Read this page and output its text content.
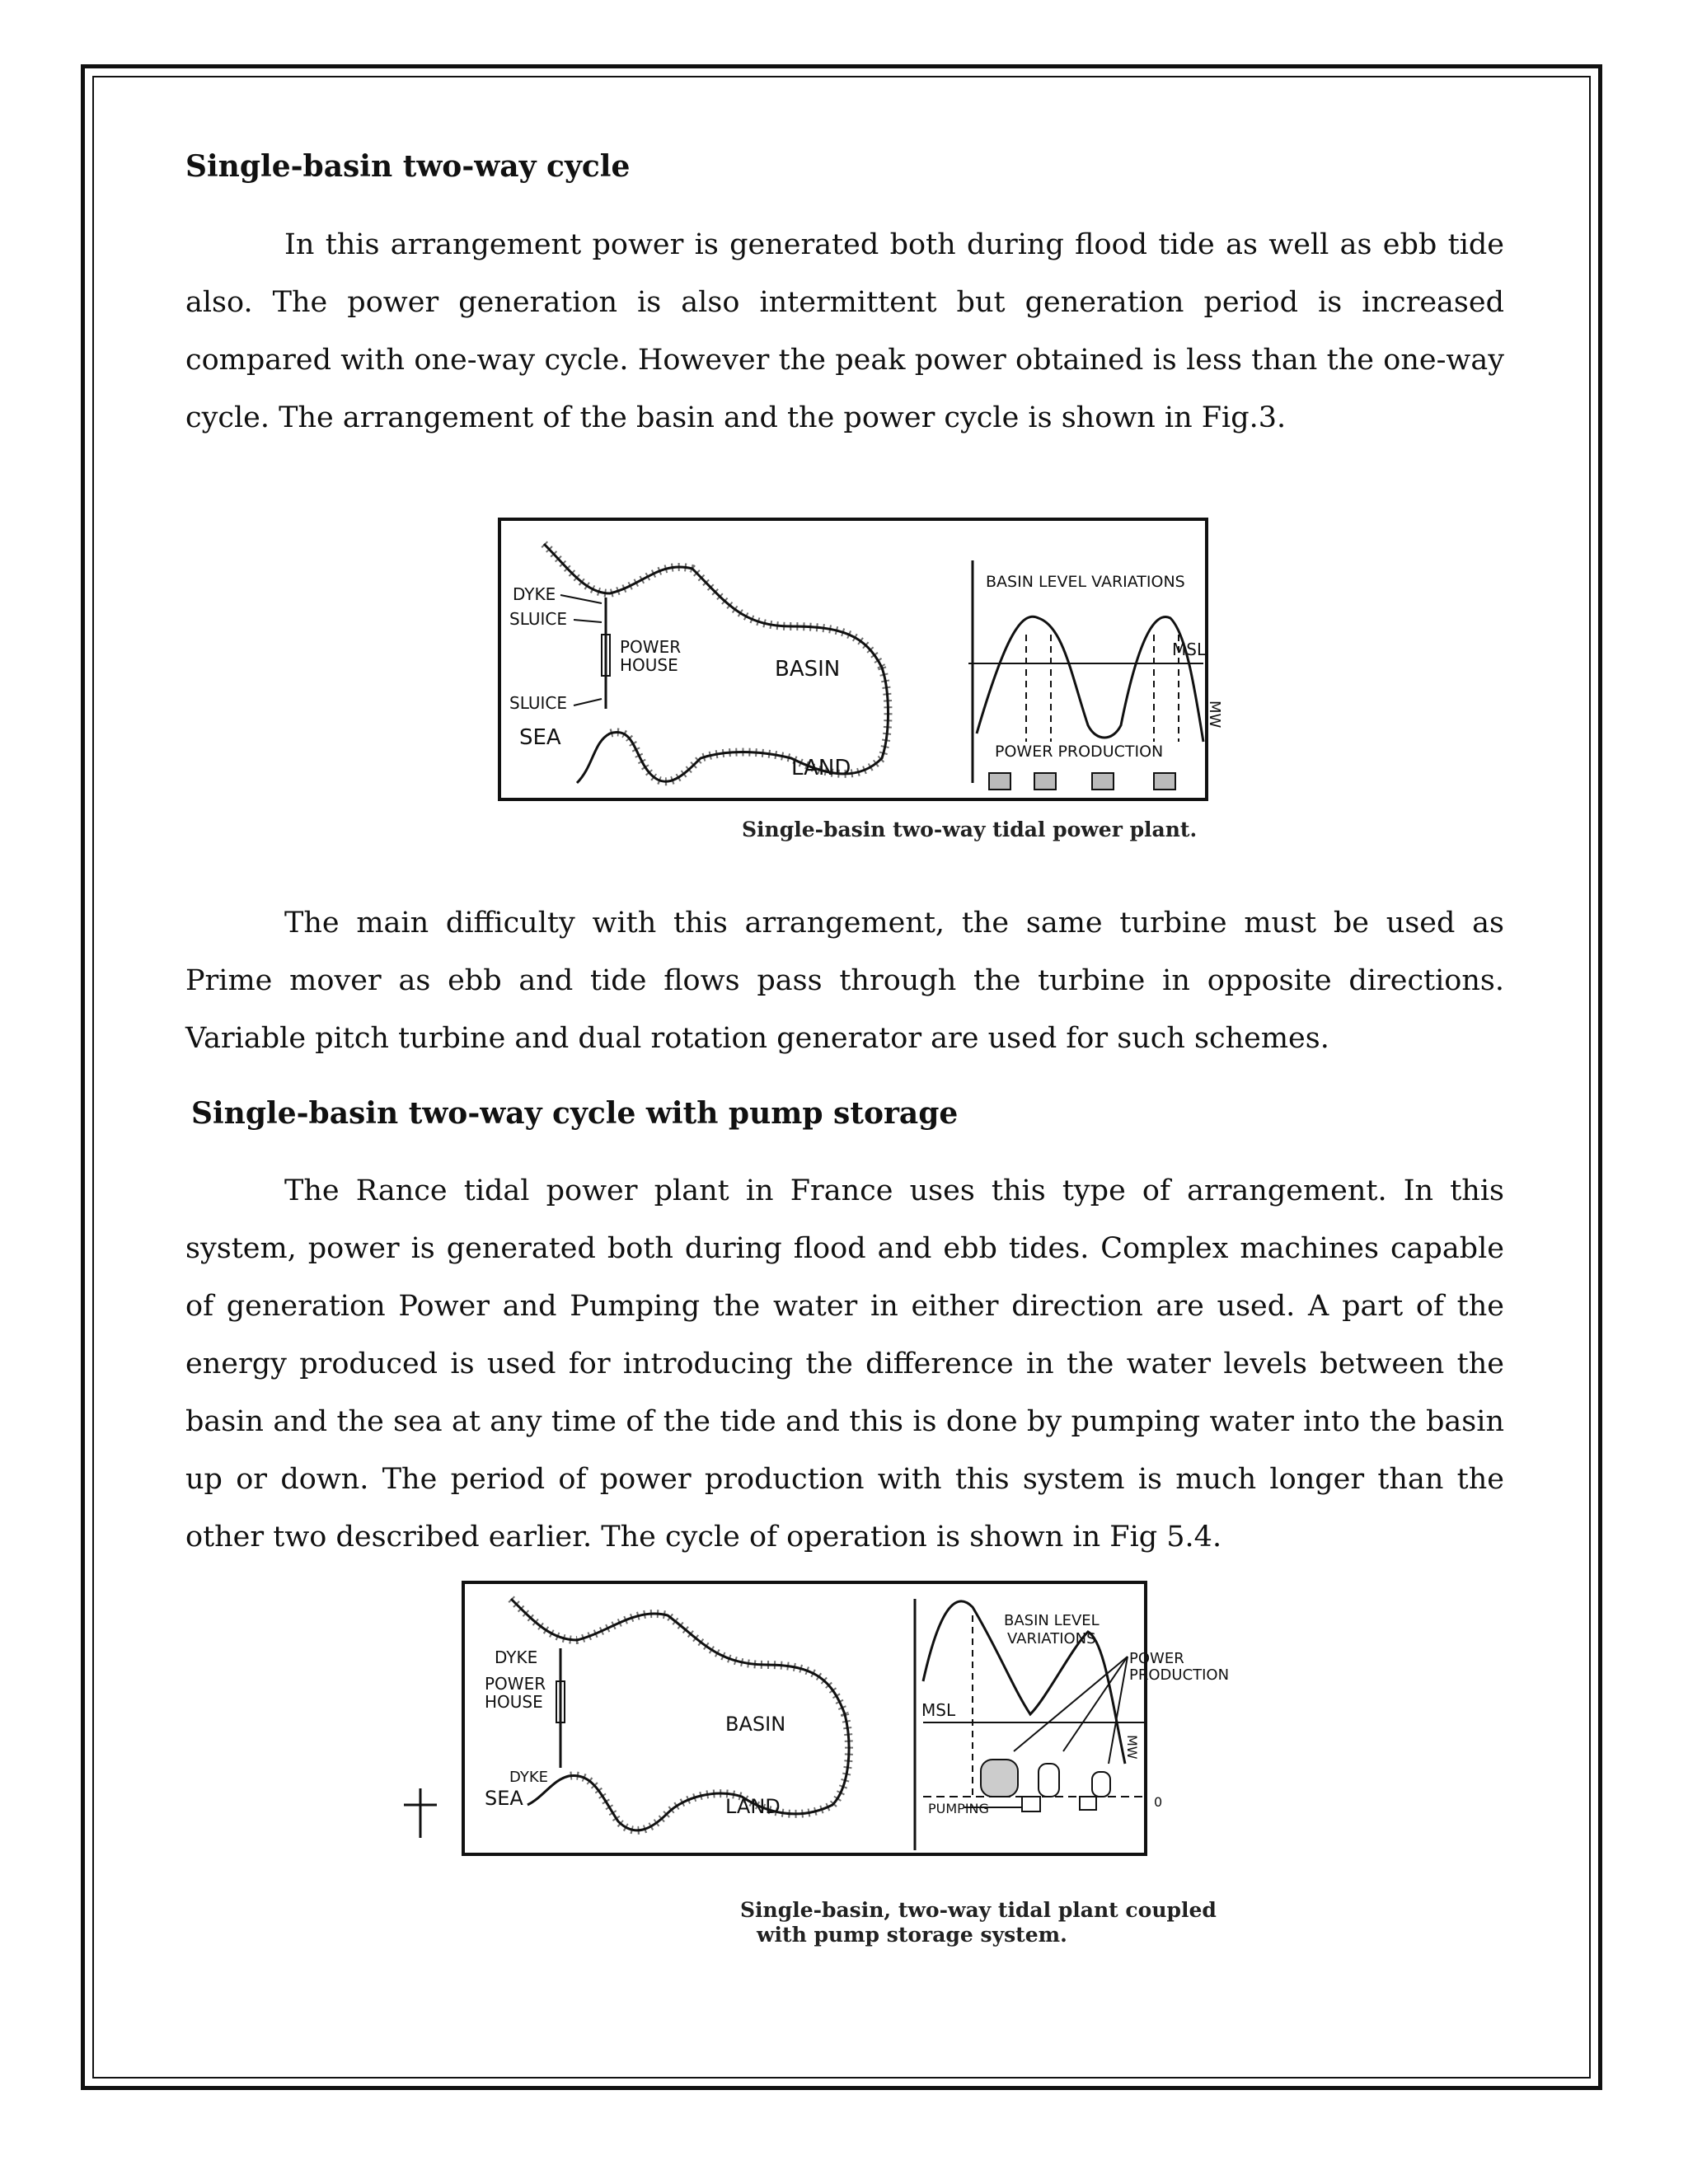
Single-basin two-way cycle
In this arrangement power is generated both during flood tide as well as ebb tide also. The power generation is also intermittent but generation period is increased compared with one-way cycle. However the peak power obtained is less than the one-way cycle. The arrangement of the basin and the power cycle is shown in Fig.3.
DYKE
SLUICE
POWER
HOUSE	BASIN
SLUICE
SEA
LAND
BASIN LEVEL VARIATIONS
MSL
POWER PRODUCTION
MW
Single-basin two-way tidal power plant.
The main difficulty with this arrangement, the same turbine must be used as Prime mover as ebb and tide flows pass through the turbine in opposite directions. Variable pitch turbine and dual rotation generator are used for such schemes.
Single-basin two-way cycle with pump storage
The Rance tidal power plant in France uses this type of arrangement. In this system, power is generated both during flood and ebb tides. Complex machines capable of generation Power and Pumping the water in either direction are used. A part of the energy produced is used for introducing the difference in the water levels between the basin and the sea at any time of the tide and this is done by pumping water into the basin up or down. The period of power production with this system is much longer than the other two described earlier. The cycle of operation is shown in Fig 5.4.
DYKE
POWER
HOUSE
BASIN
DYKE
SEA	LAND
BASIN LEVEL
VARIATIONS
MSL
POWER
PRODUCTION
PUMPING
MW
0
Single-basin, two-way tidal plant coupled
with pump storage system.
